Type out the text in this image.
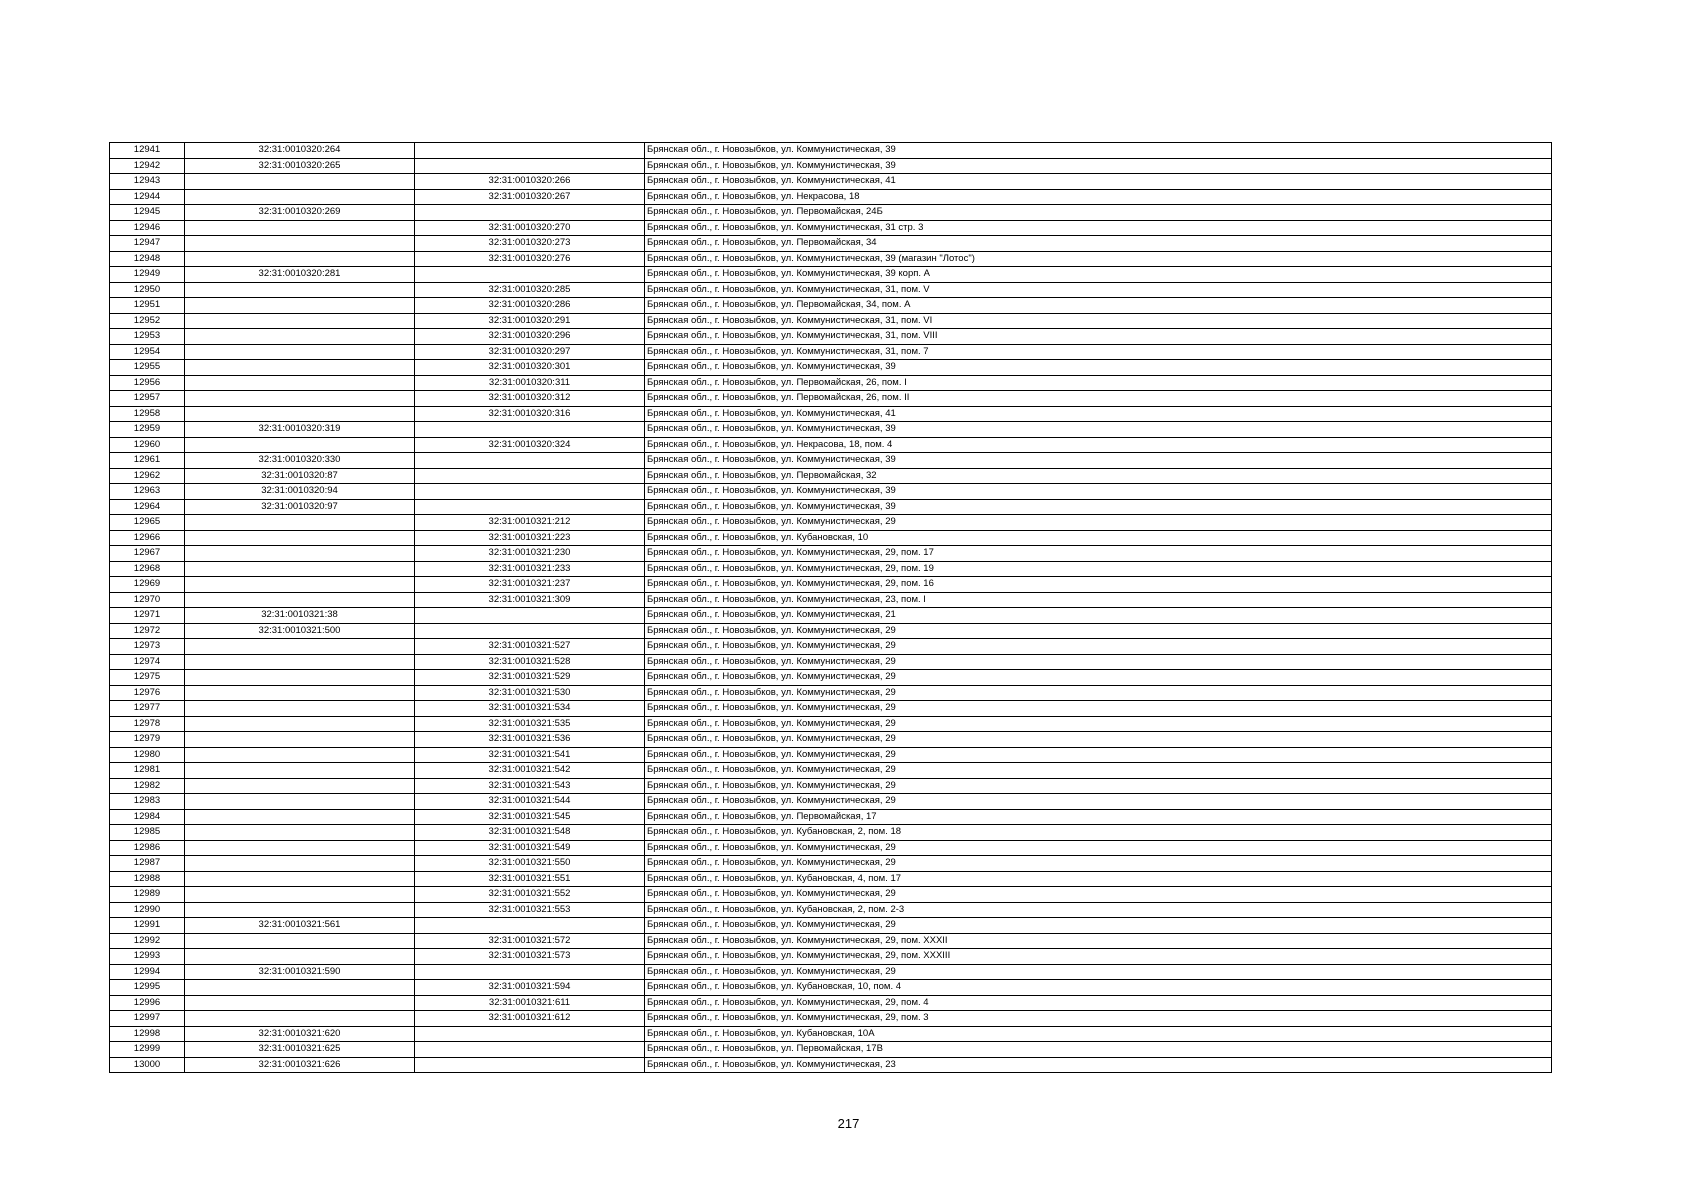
12941	32:31:0010320:264		Брянская обл., г. Новозыбков, ул. Коммунистическая, 39
12942	32:31:0010320:265		Брянская обл., г. Новозыбков, ул. Коммунистическая, 39
12943		32:31:0010320:266	Брянская обл., г. Новозыбков, ул. Коммунистическая, 41
12944		32:31:0010320:267	Брянская обл., г. Новозыбков, ул. Некрасова, 18
12945	32:31:0010320:269		Брянская обл., г. Новозыбков, ул. Первомайская, 24Б
12946		32:31:0010320:270	Брянская обл., г. Новозыбков, ул. Коммунистическая, 31 стр. 3
12947		32:31:0010320:273	Брянская обл., г. Новозыбков, ул. Первомайская, 34
12948		32:31:0010320:276	Брянская обл., г. Новозыбков, ул. Коммунистическая, 39 (магазин "Лотос")
12949	32:31:0010320:281		Брянская обл., г. Новозыбков, ул. Коммунистическая, 39 корп. А
12950		32:31:0010320:285	Брянская обл., г. Новозыбков, ул. Коммунистическая, 31, пом. V
12951		32:31:0010320:286	Брянская обл., г. Новозыбков, ул. Первомайская, 34, пом. А
12952		32:31:0010320:291	Брянская обл., г. Новозыбков, ул. Коммунистическая, 31, пом. VI
12953		32:31:0010320:296	Брянская обл., г. Новозыбков, ул. Коммунистическая, 31, пом. VIII
12954		32:31:0010320:297	Брянская обл., г. Новозыбков, ул. Коммунистическая, 31, пом. 7
12955		32:31:0010320:301	Брянская обл., г. Новозыбков, ул. Коммунистическая, 39
12956		32:31:0010320:311	Брянская обл., г. Новозыбков, ул. Первомайская, 26, пом. I
12957		32:31:0010320:312	Брянская обл., г. Новозыбков, ул. Первомайская, 26, пом. II
12958		32:31:0010320:316	Брянская обл., г. Новозыбков, ул. Коммунистическая, 41
12959	32:31:0010320:319		Брянская обл., г. Новозыбков, ул. Коммунистическая, 39
12960		32:31:0010320:324	Брянская обл., г. Новозыбков, ул. Некрасова, 18, пом. 4
12961	32:31:0010320:330		Брянская обл., г. Новозыбков, ул. Коммунистическая, 39
12962	32:31:0010320:87		Брянская обл., г. Новозыбков, ул. Первомайская, 32
12963	32:31:0010320:94		Брянская обл., г. Новозыбков, ул. Коммунистическая, 39
12964	32:31:0010320:97		Брянская обл., г. Новозыбков, ул. Коммунистическая, 39
12965		32:31:0010321:212	Брянская обл., г. Новозыбков, ул. Коммунистическая, 29
12966		32:31:0010321:223	Брянская обл., г. Новозыбков, ул. Кубановская, 10
12967		32:31:0010321:230	Брянская обл., г. Новозыбков, ул. Коммунистическая, 29, пом. 17
12968		32:31:0010321:233	Брянская обл., г. Новозыбков, ул. Коммунистическая, 29, пом. 19
12969		32:31:0010321:237	Брянская обл., г. Новозыбков, ул. Коммунистическая, 29, пом. 16
12970		32:31:0010321:309	Брянская обл., г. Новозыбков, ул. Коммунистическая, 23, пом. I
12971	32:31:0010321:38		Брянская обл., г. Новозыбков, ул. Коммунистическая, 21
12972	32:31:0010321:500		Брянская обл., г. Новозыбков, ул. Коммунистическая, 29
12973		32:31:0010321:527	Брянская обл., г. Новозыбков, ул. Коммунистическая, 29
12974		32:31:0010321:528	Брянская обл., г. Новозыбков, ул. Коммунистическая, 29
12975		32:31:0010321:529	Брянская обл., г. Новозыбков, ул. Коммунистическая, 29
12976		32:31:0010321:530	Брянская обл., г. Новозыбков, ул. Коммунистическая, 29
12977		32:31:0010321:534	Брянская обл., г. Новозыбков, ул. Коммунистическая, 29
12978		32:31:0010321:535	Брянская обл., г. Новозыбков, ул. Коммунистическая, 29
12979		32:31:0010321:536	Брянская обл., г. Новозыбков, ул. Коммунистическая, 29
12980		32:31:0010321:541	Брянская обл., г. Новозыбков, ул. Коммунистическая, 29
12981		32:31:0010321:542	Брянская обл., г. Новозыбков, ул. Коммунистическая, 29
12982		32:31:0010321:543	Брянская обл., г. Новозыбков, ул. Коммунистическая, 29
12983		32:31:0010321:544	Брянская обл., г. Новозыбков, ул. Коммунистическая, 29
12984		32:31:0010321:545	Брянская обл., г. Новозыбков, ул. Первомайская, 17
12985		32:31:0010321:548	Брянская обл., г. Новозыбков, ул. Кубановская, 2, пом. 18
12986		32:31:0010321:549	Брянская обл., г. Новозыбков, ул. Коммунистическая, 29
12987		32:31:0010321:550	Брянская обл., г. Новозыбков, ул. Коммунистическая, 29
12988		32:31:0010321:551	Брянская обл., г. Новозыбков, ул. Кубановская, 4, пом. 17
12989		32:31:0010321:552	Брянская обл., г. Новозыбков, ул. Коммунистическая, 29
12990		32:31:0010321:553	Брянская обл., г. Новозыбков, ул. Кубановская, 2, пом. 2-3
12991	32:31:0010321:561		Брянская обл., г. Новозыбков, ул. Коммунистическая, 29
12992		32:31:0010321:572	Брянская обл., г. Новозыбков, ул. Коммунистическая, 29, пом. XXXII
12993		32:31:0010321:573	Брянская обл., г. Новозыбков, ул. Коммунистическая, 29, пом. XXXIII
12994	32:31:0010321:590		Брянская обл., г. Новозыбков, ул. Коммунистическая, 29
12995		32:31:0010321:594	Брянская обл., г. Новозыбков, ул. Кубановская, 10, пом. 4
12996		32:31:0010321:611	Брянская обл., г. Новозыбков, ул. Коммунистическая, 29, пом. 4
12997		32:31:0010321:612	Брянская обл., г. Новозыбков, ул. Коммунистическая, 29, пом. 3
12998	32:31:0010321:620		Брянская обл., г. Новозыбков, ул. Кубановская, 10А
12999	32:31:0010321:625		Брянская обл., г. Новозыбков, ул. Первомайская, 17В
13000	32:31:0010321:626		Брянская обл., г. Новозыбков, ул. Коммунистическая, 23
217
